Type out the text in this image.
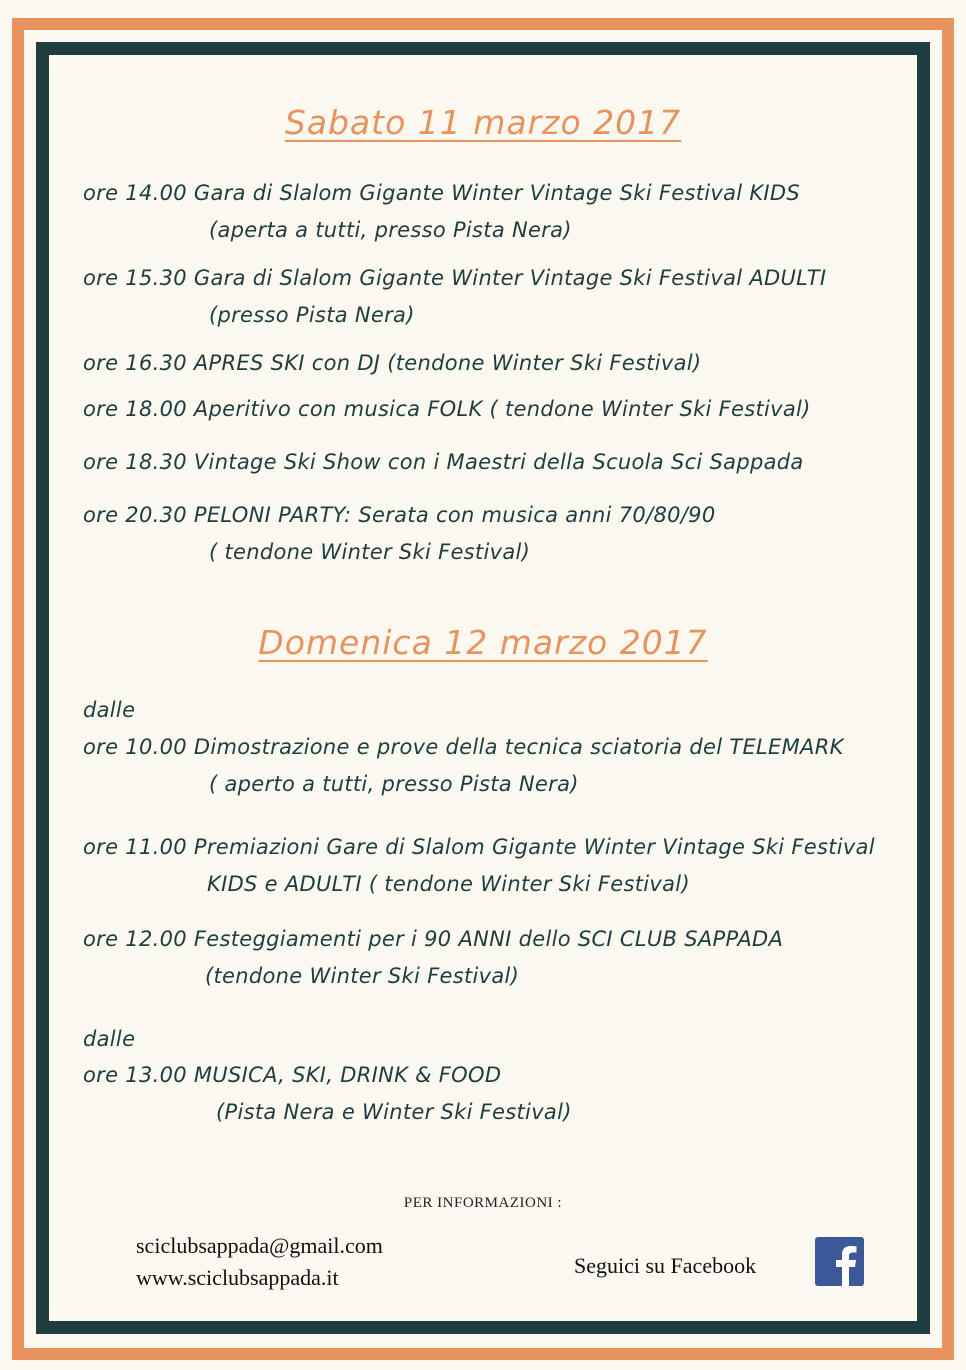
Sabato 11 marzo 2017

ore 14.00 Gara di Slalom Gigante Winter Vintage Ski Festival KIDS

(aperta a tutti, presso Pista Nera)

ore 15.30 Gara di Slalom Gigante Winter Vintage Ski Festival ADULTI

(presso Pista Nera)

ore 16.30 APRES SKI con DJ (tendone Winter Ski Festival)

ore 18.00 Aperitivo con musica FOLK ( tendone Winter Ski Festival)

ore 18.30 Vintage Ski Show con i Maestri della Scuola Sci Sappada

ore 20.30 PELONI PARTY: Serata con musica anni 70/80/90

( tendone Winter Ski Festival)

Domenica 12 marzo 2017

dalle

ore 10.00 Dimostrazione e prove della tecnica sciatoria del TELEMARK

( aperto a tutti, presso Pista Nera)

ore 11.00 Premiazioni Gare di Slalom Gigante Winter Vintage Ski Festival

KIDS e ADULTI ( tendone Winter Ski Festival)

ore 12.00 Festeggiamenti per i 90 ANNI dello SCI CLUB SAPPADA

(tendone Winter Ski Festival)

dalle

ore 13.00 MUSICA, SKI, DRINK & FOOD

(Pista Nera e Winter Ski Festival)

PER INFORMAZIONI :
sciclubsappada@gmail.com
www.sciclubsappada.it	Seguici su Facebook
